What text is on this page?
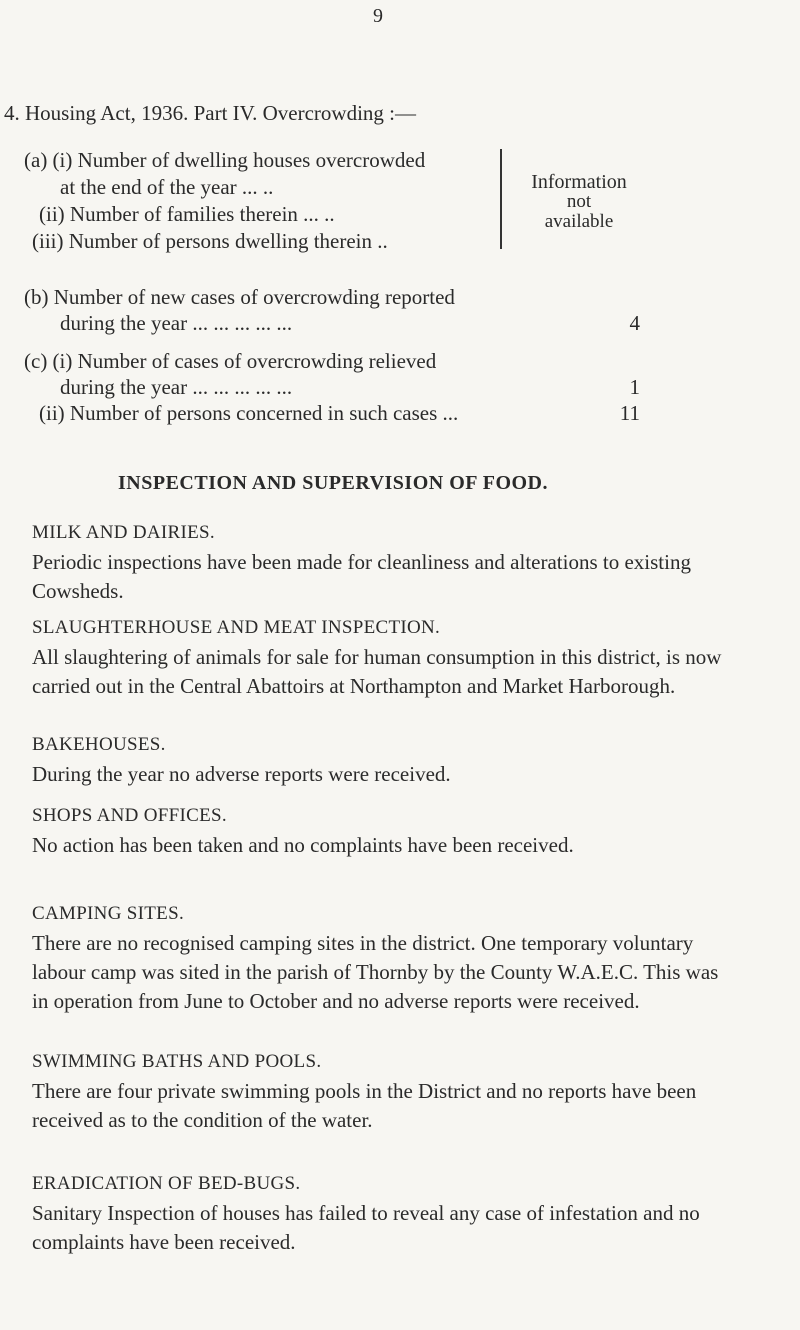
9
4. Housing Act, 1936. Part IV. Overcrowding :—
(a) (i) Number of dwelling houses overcrowded
at the end of the year ... ..
(ii) Number of families therein ... ..
(iii) Number of persons dwelling therein ..
Information
not
available
(b) Number of new cases of overcrowding reported
during the year ... ... ... ... ...	4
(c) (i) Number of cases of overcrowding relieved
during the year ... ... ... ... ...	1
(ii) Number of persons concerned in such cases ...	11
INSPECTION AND SUPERVISION OF FOOD.
MILK AND DAIRIES.
Periodic inspections have been made for cleanliness and alterations to existing Cowsheds.
SLAUGHTERHOUSE AND MEAT INSPECTION.
All slaughtering of animals for sale for human consumption in this district, is now carried out in the Central Abattoirs at Northampton and Market Harborough.
BAKEHOUSES.
During the year no adverse reports were received.
SHOPS AND OFFICES.
No action has been taken and no complaints have been received.
CAMPING SITES.
There are no recognised camping sites in the district. One temporary voluntary labour camp was sited in the parish of Thornby by the County W.A.E.C. This was in operation from June to October and no adverse reports were received.
SWIMMING BATHS AND POOLS.
There are four private swimming pools in the District and no reports have been received as to the condition of the water.
ERADICATION OF BED-BUGS.
Sanitary Inspection of houses has failed to reveal any case of infestation and no complaints have been received.
